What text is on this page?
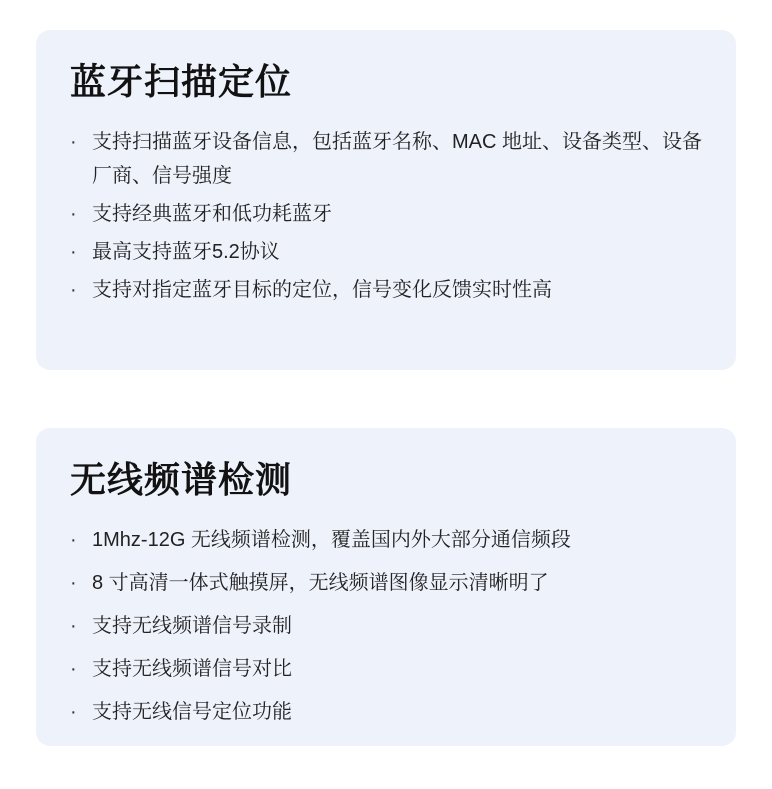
蓝牙扫描定位
· 支持扫描蓝牙设备信息，包括蓝牙名称、MAC 地址、设备类型、设备厂商、信号强度
· 支持经典蓝牙和低功耗蓝牙
· 最高支持蓝牙5.2协议
· 支持对指定蓝牙目标的定位，信号变化反馈实时性高
无线频谱检测
· 1Mhz-12G 无线频谱检测，覆盖国内外大部分通信频段
· 8 寸高清一体式触摸屏，无线频谱图像显示清晰明了
· 支持无线频谱信号录制
· 支持无线频谱信号对比
· 支持无线信号定位功能
